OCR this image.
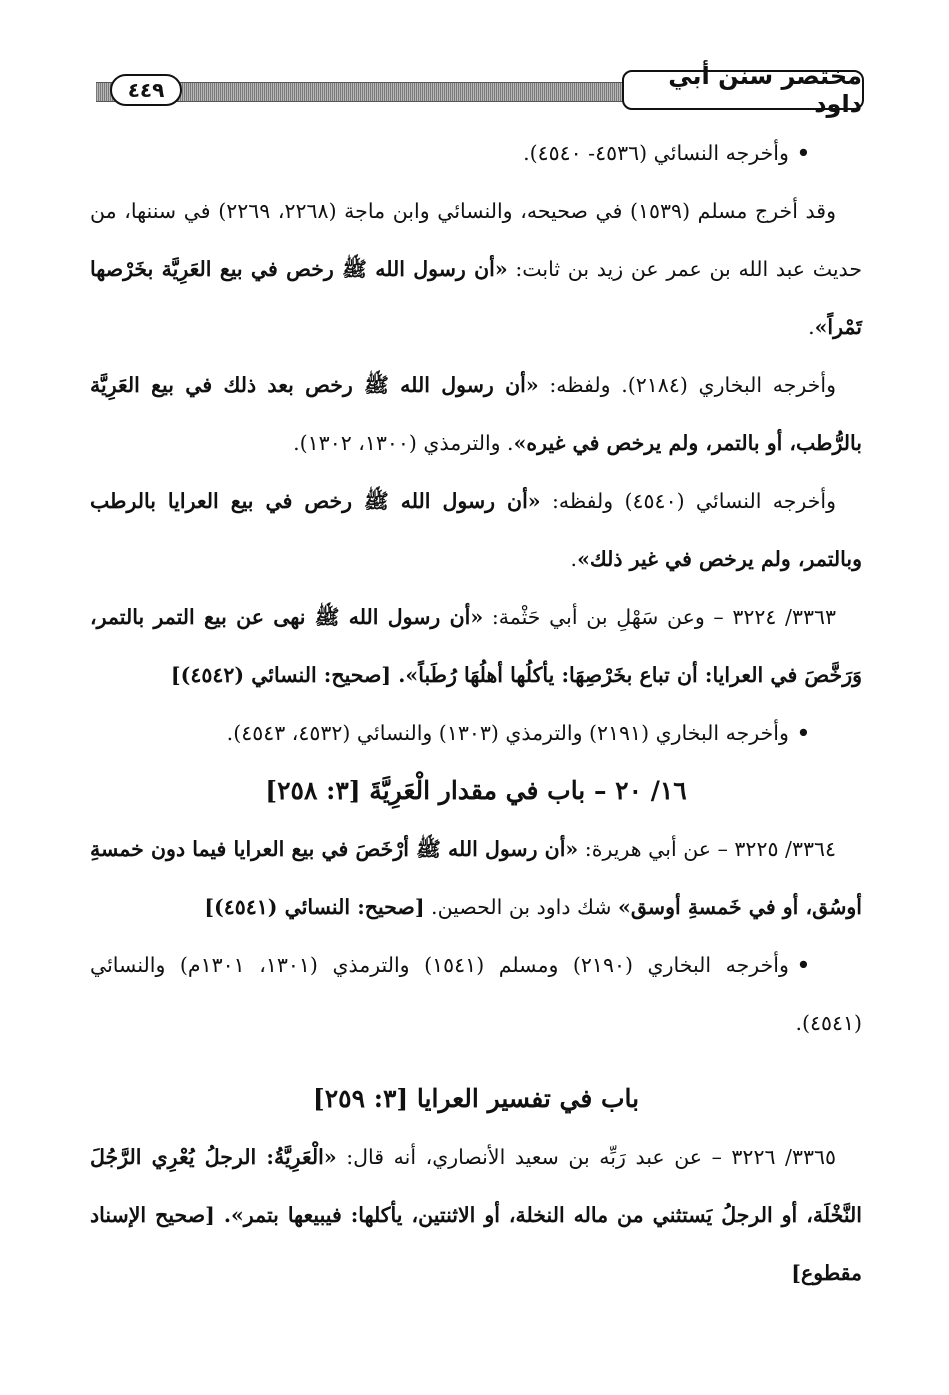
مختصر سنن أبي داود
٤٤٩

•وأخرجه النسائي (٤٥٣٦- ٤٥٤٠).

وقد أخرج مسلم (١٥٣٩) في صحيحه، والنسائي وابن ماجة (٢٢٦٨، ٢٢٦٩) في سننها، من حديث عبد الله بن عمر عن زيد بن ثابت: «أن رسول الله ﷺ رخص في بيع العَرِيَّة بخَرْصها تَمْراً».

وأخرجه البخاري (٢١٨٤). ولفظه: «أن رسول الله ﷺ رخص بعد ذلك في بيع العَرِيَّة بالرُّطب، أو بالتمر، ولم يرخص في غيره». والترمذي (١٣٠٠، ١٣٠٢).

وأخرجه النسائي (٤٥٤٠) ولفظه: «أن رسول الله ﷺ رخص في بيع العرايا بالرطب وبالتمر، ولم يرخص في غير ذلك».

٣٣٦٣/ ٣٢٢٤ – وعن سَهْلِ بن أبي حَثْمة: «أن رسول الله ﷺ نهى عن بيع التمر بالتمر، وَرَخَّصَ في العرايا: أن تباع بخَرْصِهَا: يأكلُها أهلُهَا رُطَباً». [صحيح: النسائي (٤٥٤٢)]

•وأخرجه البخاري (٢١٩١) والترمذي (١٣٠٣) والنسائي (٤٥٣٢، ٤٥٤٣).

١٦/ ٢٠ – باب في مقدار الْعَرِيَّةَ [٣: ٢٥٨]

٣٣٦٤/ ٣٢٢٥ – عن أبي هريرة: «أن رسول الله ﷺ أرْخَصَ في بيع العرايا فيما دون خمسةِ أوسُق، أو في خَمسةِ أوسق» شك داود بن الحصين. [صحيح: النسائي (٤٥٤١)]

•وأخرجه البخاري (٢١٩٠) ومسلم (١٥٤١) والترمذي (١٣٠١، ١٣٠١م) والنسائي (٤٥٤١).

باب في تفسير العرايا [٣: ٢٥٩]

٣٣٦٥/ ٣٢٢٦ – عن عبد رَبِّه بن سعيد الأنصاري، أنه قال: «الْعَرِيَّةُ: الرجلُ يُعْرِي الرَّجُلَ النَّخْلَة، أو الرجلُ يَستثني من ماله النخلة، أو الاثنتين، يأكلها: فيبيعها بتمر». [صحيح الإسناد مقطوع]
